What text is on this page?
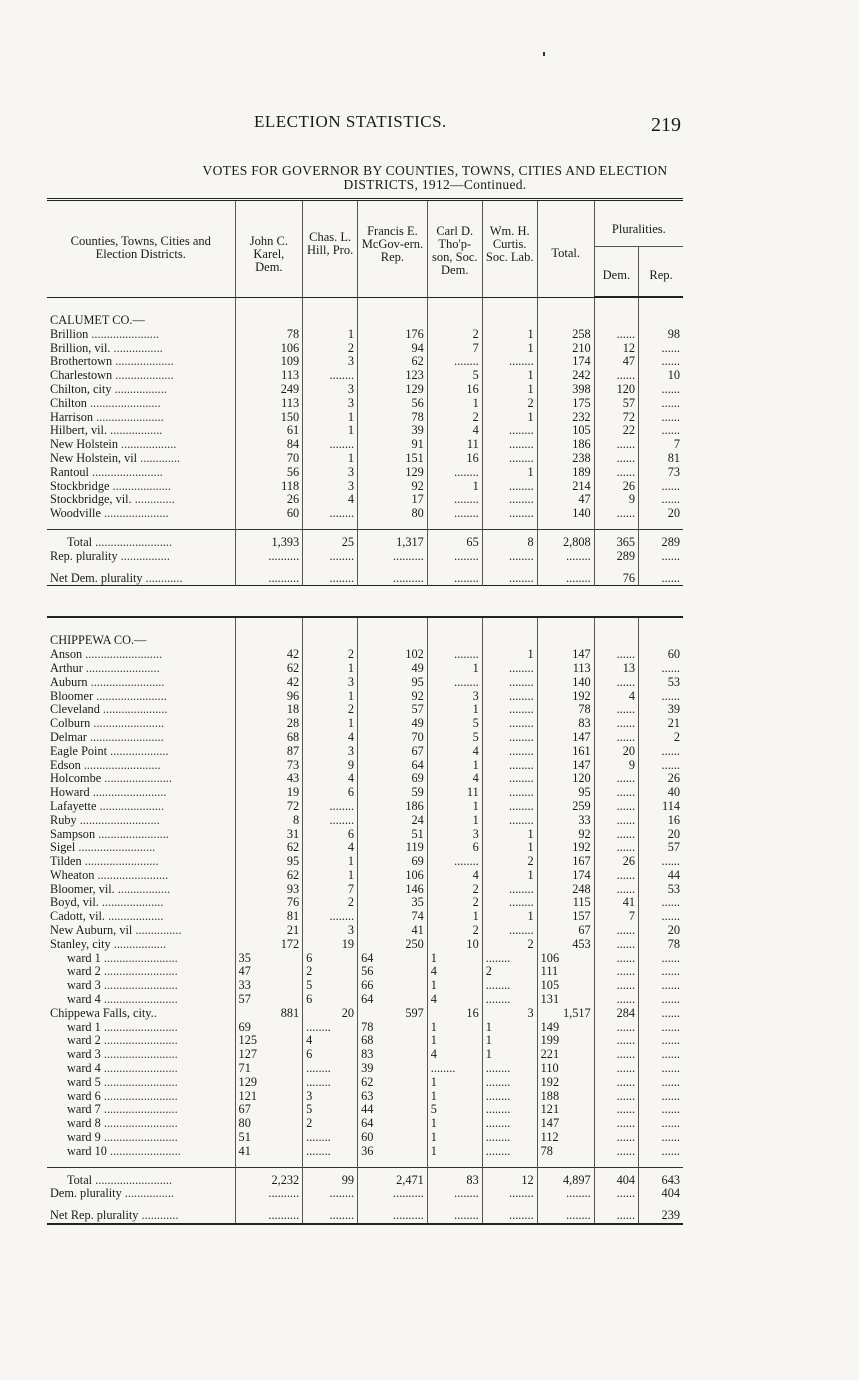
ELECTION STATISTICS.	219
VOTES FOR GOVERNOR BY COUNTIES, TOWNS, CITIES AND ELECTION
DISTRICTS, 1912—Continued.
Counties, Towns, Cities and Election Districts.	John C. Karel, Dem.	Chas. L. Hill, Pro.	Francis E. McGov-ern. Rep.	Carl D. Tho'p-son, Soc. Dem.	Wm. H. Curtis. Soc. Lab.	Total.	Pluralities.	
							Dem.	Rep.

CALUMET CO.—								
Brillion ......................	78	1	176	2	1	258	......	98
Brillion, vil. ................	106	2	94	7	1	210	12	......
Brothertown ...................	109	3	62	........	........	174	47	......
Charlestown ...................	113	........	123	5	1	242	......	10
Chilton, city .................	249	3	129	16	1	398	120	......
Chilton .......................	113	3	56	1	2	175	57	......
Harrison ......................	150	1	78	2	1	232	72	......
Hilbert, vil. .................	61	1	39	4	........	105	22	......
New Holstein ..................	84	........	91	11	........	186	......	7
New Holstein, vil .............	70	1	151	16	........	238	......	81
Rantoul .......................	56	3	129	........	1	189	......	73
Stockbridge ...................	118	3	92	1	........	214	26	......
Stockbridge, vil. .............	26	4	17	........	........	47	9	......
Woodville .....................	60	........	80	........	........	140	......	20

Total .........................	1,393	25	1,317	65	8	2,808	365	289
Rep. plurality ................	..........	........	..........	........	........	........	289	......

Net Dem. plurality ............	..........	........	..........	........	........	........	76	......

CHIPPEWA CO.—								
Anson .........................	42	2	102	........	1	147	......	60
Arthur ........................	62	1	49	1	........	113	13	......
Auburn ........................	42	3	95	........	........	140	......	53
Bloomer .......................	96	1	92	3	........	192	4	......
Cleveland .....................	18	2	57	1	........	78	......	39
Colburn .......................	28	1	49	5	........	83	......	21
Delmar ........................	68	4	70	5	........	147	......	2
Eagle Point ...................	87	3	67	4	........	161	20	......
Edson .........................	73	9	64	1	........	147	9	......
Holcombe ......................	43	4	69	4	........	120	......	26
Howard ........................	19	6	59	11	........	95	......	40
Lafayette .....................	72	........	186	1	........	259	......	114
Ruby ..........................	8	........	24	1	........	33	......	16
Sampson .......................	31	6	51	3	1	92	......	20
Sigel .........................	62	4	119	6	1	192	......	57
Tilden ........................	95	1	69	........	2	167	26	......
Wheaton .......................	62	1	106	4	1	174	......	44
Bloomer, vil. .................	93	7	146	2	........	248	......	53
Boyd, vil. ....................	76	2	35	2	........	115	41	......
Cadott, vil. ..................	81	........	74	1	1	157	7	......
New Auburn, vil ...............	21	3	41	2	........	67	......	20
Stanley, city .................	172	19	250	10	2	453	......	78
ward 1 ........................	35	6	64	1	........	106	......	......
ward 2 ........................	47	2	56	4	2	111	......	......
ward 3 ........................	33	5	66	1	........	105	......	......
ward 4 ........................	57	6	64	4	........	131	......	......
Chippewa Falls, city..	881	20	597	16	3	1,517	284	......
ward 1 ........................	69	........	78	1	1	149	......	......
ward 2 ........................	125	4	68	1	1	199	......	......
ward 3 ........................	127	6	83	4	1	221	......	......
ward 4 ........................	71	........	39	........	........	110	......	......
ward 5 ........................	129	........	62	1	........	192	......	......
ward 6 ........................	121	3	63	1	........	188	......	......
ward 7 ........................	67	5	44	5	........	121	......	......
ward 8 ........................	80	2	64	1	........	147	......	......
ward 9 ........................	51	........	60	1	........	112	......	......
ward 10 .......................	41	........	36	1	........	78	......	......

Total .........................	2,232	99	2,471	83	12	4,897	404	643
Dem. plurality ................	..........	........	..........	........	........	........	......	404

Net Rep. plurality ............	..........	........	..........	........	........	........	......	239
